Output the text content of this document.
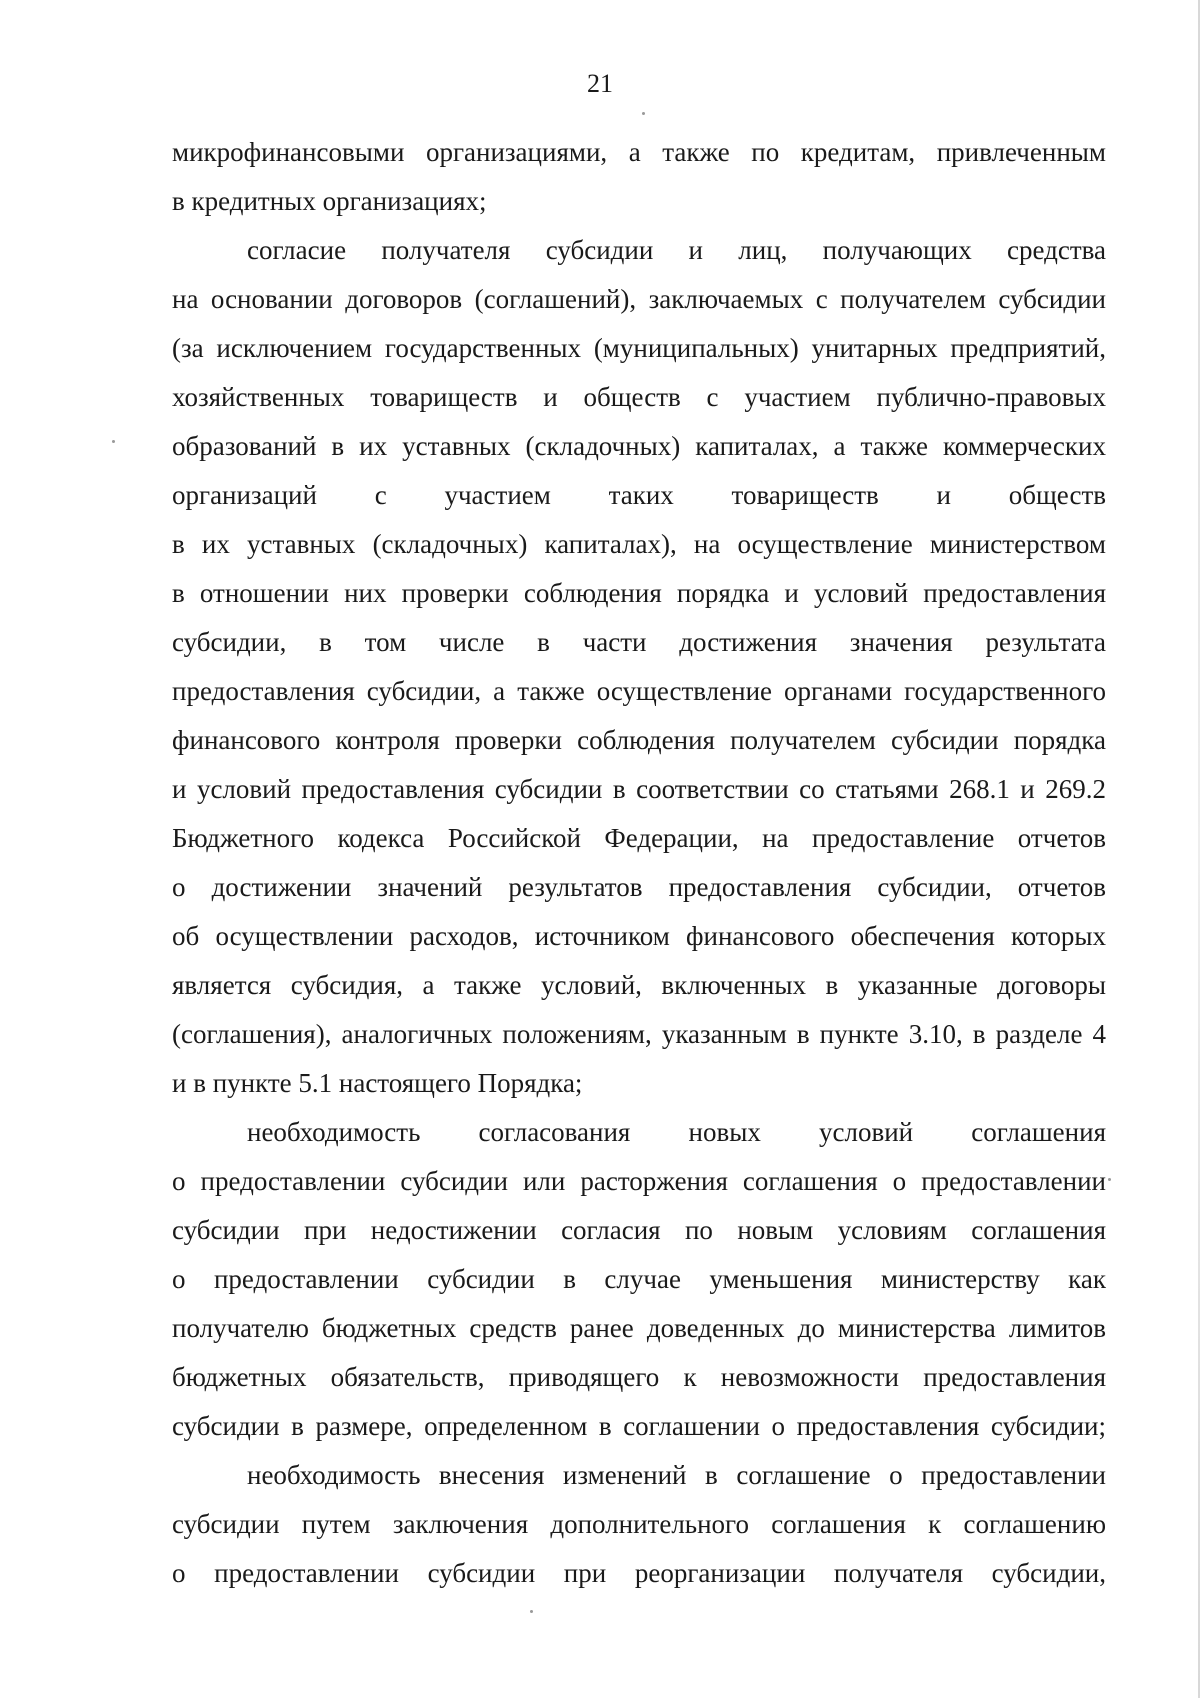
21
микрофинансовыми организациями, а также по кредитам, привлеченным
в кредитных организациях;
согласие получателя субсидии и лиц, получающих средства
на основании договоров (соглашений), заключаемых с получателем субсидии
(за исключением государственных (муниципальных) унитарных предприятий,
хозяйственных товариществ и обществ с участием публично-правовых
образований в их уставных (складочных) капиталах, а также коммерческих
организаций с участием таких товариществ и обществ
в их уставных (складочных) капиталах), на осуществление министерством
в отношении них проверки соблюдения порядка и условий предоставления
субсидии, в том числе в части достижения значения результата
предоставления субсидии, а также осуществление органами государственного
финансового контроля проверки соблюдения получателем субсидии порядка
и условий предоставления субсидии в соответствии со статьями 268.1 и 269.2
Бюджетного кодекса Российской Федерации, на предоставление отчетов
о достижении значений результатов предоставления субсидии, отчетов
об осуществлении расходов, источником финансового обеспечения которых
является субсидия, а также условий, включенных в указанные договоры
(соглашения), аналогичных положениям, указанным в пункте 3.10, в разделе 4
и в пункте 5.1 настоящего Порядка;
необходимость согласования новых условий соглашения
о предоставлении субсидии или расторжения соглашения о предоставлении
субсидии при недостижении согласия по новым условиям соглашения
о предоставлении субсидии в случае уменьшения министерству как
получателю бюджетных средств ранее доведенных до министерства лимитов
бюджетных обязательств, приводящего к невозможности предоставления
субсидии в размере, определенном в соглашении о предоставления субсидии;
необходимость внесения изменений в соглашение о предоставлении
субсидии путем заключения дополнительного соглашения к соглашению
о предоставлении субсидии при реорганизации получателя субсидии,
